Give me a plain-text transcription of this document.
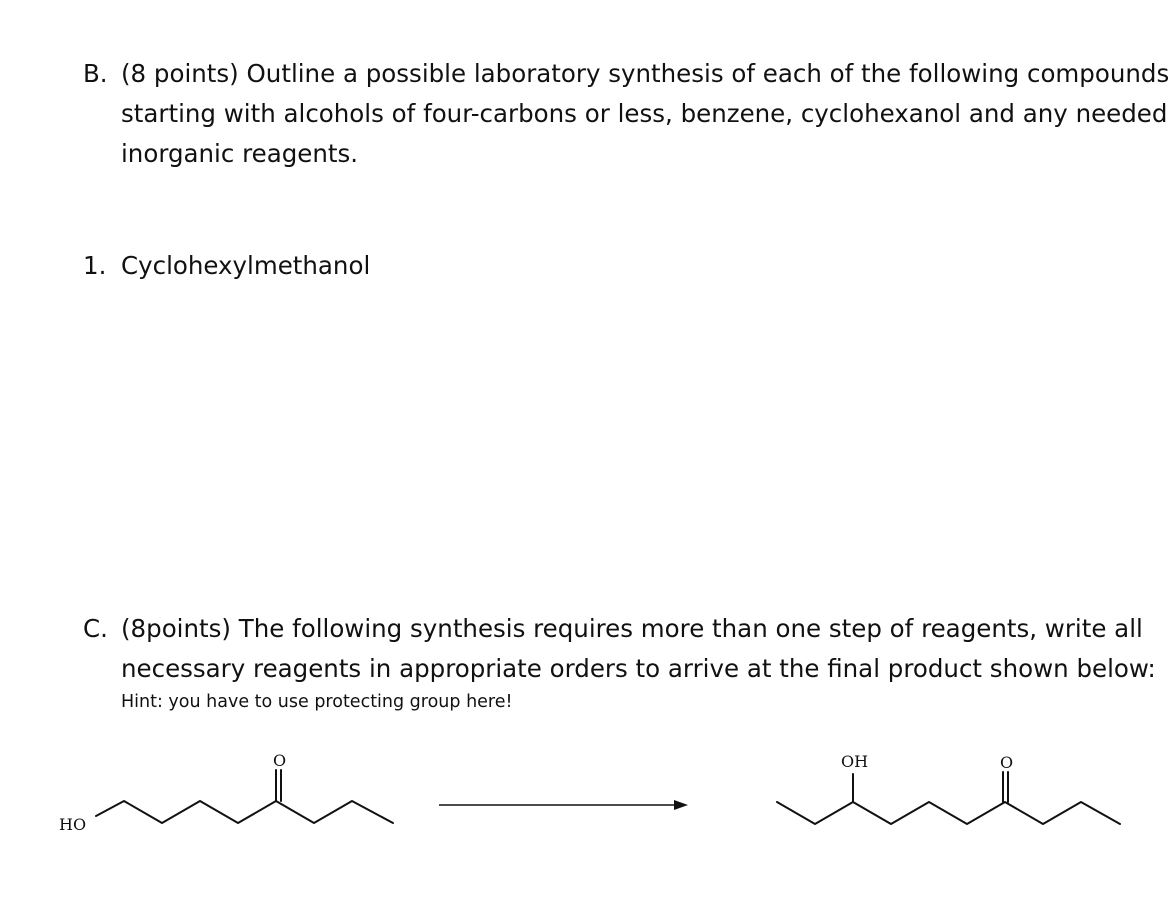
B. (8 points) Outline a possible laboratory synthesis of each of the following compounds
starting with alcohols of four-carbons or less, benzene, cyclohexanol and any needed
inorganic reagents.
1. Cyclohexylmethanol
C. (8points) The following synthesis requires more than one step of reagents, write all
necessary reagents in appropriate orders to arrive at the final product shown below:
Hint: you have to use protecting group here!
HO
O	OH	O
